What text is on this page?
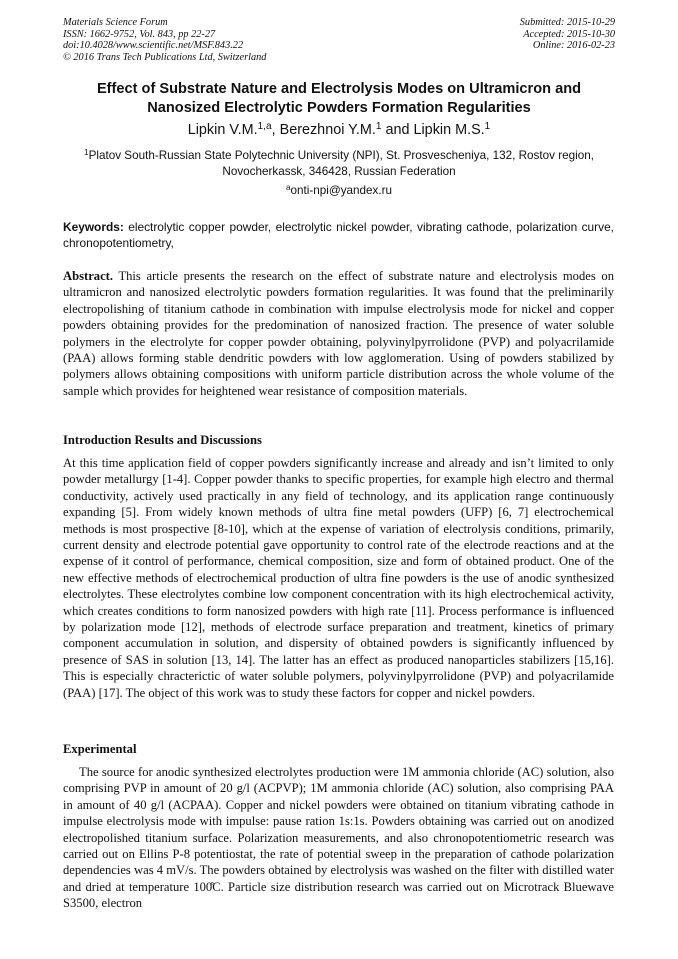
Materials Science Forum
ISSN: 1662-9752, Vol. 843, pp 22-27
doi:10.4028/www.scientific.net/MSF.843.22
© 2016 Trans Tech Publications Ltd, Switzerland
Submitted: 2015-10-29
Accepted: 2015-10-30
Online: 2016-02-23
Effect of Substrate Nature and Electrolysis Modes on Ultramicron and Nanosized Electrolytic Powders Formation Regularities
Lipkin V.M.$^{1,a}$, Berezhnoi Y.M.$^1$ and Lipkin M.S.$^1$
$^1$Platov South-Russian State Polytechnic University (NPI), St. Prosvescheniya, 132, Rostov region, Novocherkassk, 346428, Russian Federation
$^a$onti-npi@yandex.ru
Keywords: electrolytic copper powder, electrolytic nickel powder, vibrating cathode, polarization curve, chronopotentiometry,
Abstract. This article presents the research on the effect of substrate nature and electrolysis modes on ultramicron and nanosized electrolytic powders formation regularities. It was found that the preliminarily electropolishing of titanium cathode in combination with impulse electrolysis mode for nickel and copper powders obtaining provides for the predomination of nanosized fraction. The presence of water soluble polymers in the electrolyte for copper powder obtaining, polyvinylpyrrolidone (PVP) and polyacrilamide (PAA) allows forming stable dendritic powders with low agglomeration. Using of powders stabilized by polymers allows obtaining compositions with uniform particle distribution across the whole volume of the sample which provides for heightened wear resistance of composition materials.
Introduction Results and Discussions
At this time application field of copper powders significantly increase and already and isn’t limited to only powder metallurgy [1-4]. Copper powder thanks to specific properties, for example high electro and thermal conductivity, actively used practically in any field of technology, and its application range continuously expanding [5]. From widely known methods of ultra fine metal powders (UFP) [6, 7] electrochemical methods is most prospective [8-10], which at the expense of variation of electrolysis conditions, primarily, current density and electrode potential gave opportunity to control rate of the electrode reactions and at the expense of it control of performance, chemical composition, size and form of obtained product. One of the new effective methods of electrochemical production of ultra fine powders is the use of anodic synthesized electrolytes. These electrolytes combine low component concentration with its high electrochemical activity, which creates conditions to form nanosized powders with high rate [11]. Process performance is influenced by polarization mode [12], methods of electrode surface preparation and treatment, kinetics of primary component accumulation in solution, and dispersity of obtained powders is significantly influenced by presence of SAS in solution [13, 14]. The latter has an effect as produced nanoparticles stabilizers [15,16]. This is especially chracterictic of water soluble polymers, polyvinylpyrrolidone (PVP) and polyacrilamide (PAA) [17]. The object of this work was to study these factors for copper and nickel powders.
Experimental
The source for anodic synthesized electrolytes production were 1M ammonia chloride (AC) solution, also comprising PVP in amount of 20 g/l (ACPVP); 1M ammonia chloride (AC) solution, also comprising PAA in amount of 40 g/l (ACPAA). Copper and nickel powders were obtained on titanium vibrating cathode in impulse electrolysis mode with impulse: pause ration 1s:1s. Powders obtaining was carried out on anodized electropolished titanium surface. Polarization measurements, and also chronopotentiometric research was carried out on Ellins P-8 potentiostat, the rate of potential sweep in the preparation of cathode polarization dependencies was 4 mV/s. The powders obtained by electrolysis was washed on the filter with distilled water and dried at temperature 100̊C. Particle size distribution research was carried out on Microtrack Bluewave S3500, electron
